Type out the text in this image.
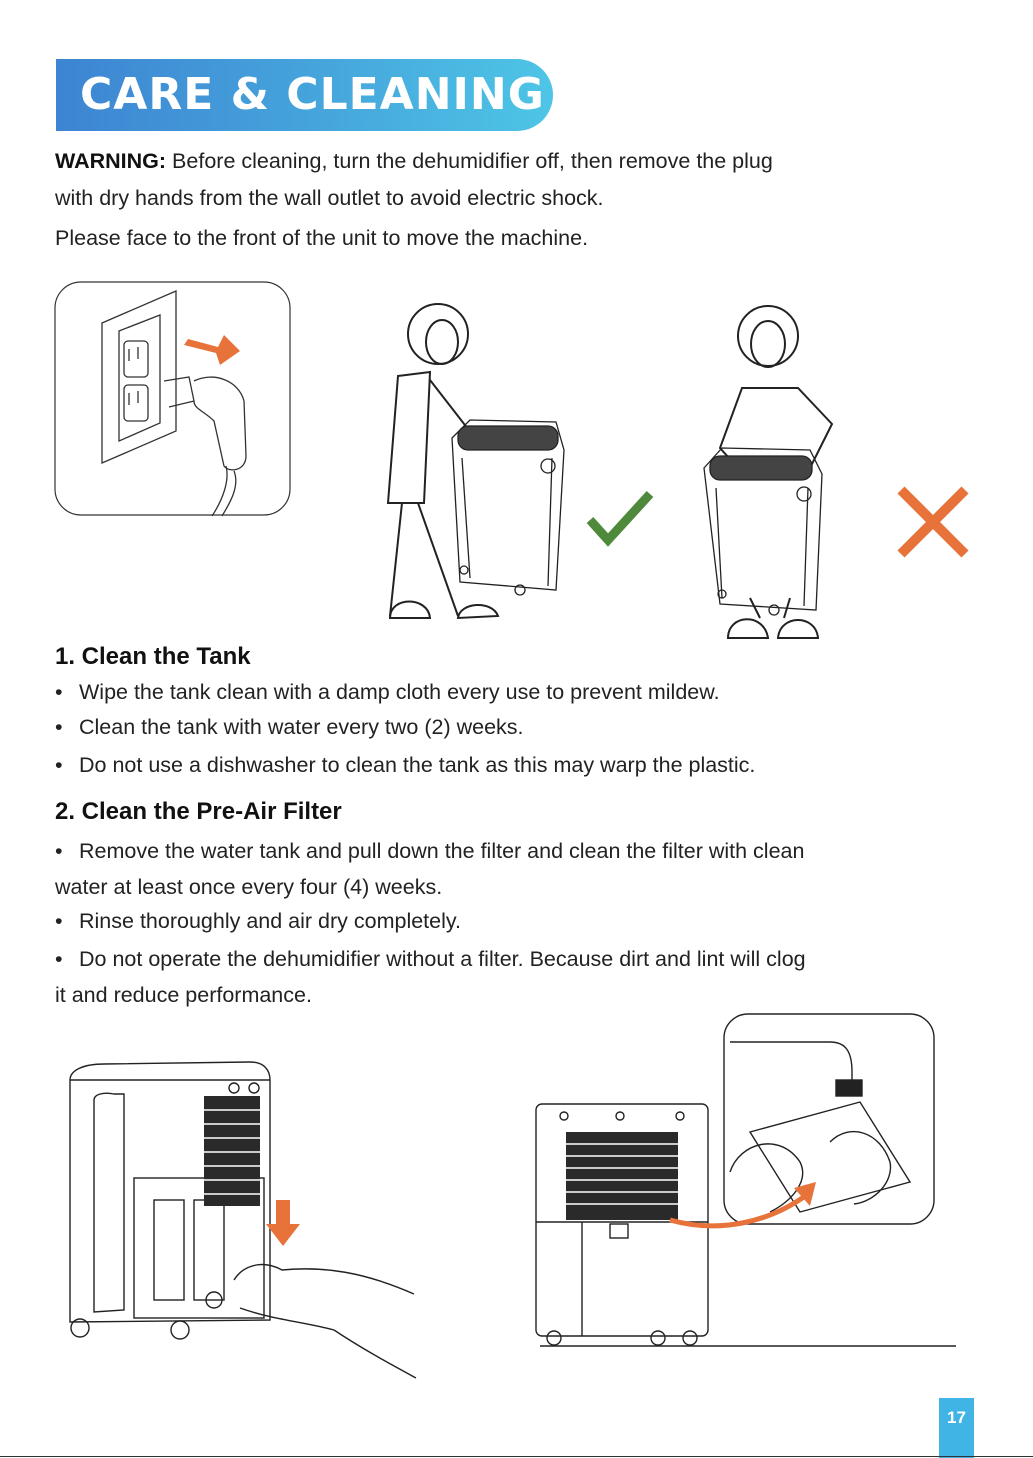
CARE & CLEANING
WARNING: Before cleaning, turn the dehumidifier off, then remove the plug
with dry hands from the wall outlet to avoid electric shock.
Please face to the front of the unit to move the machine.
1. Clean the Tank
• Wipe the tank clean with a damp cloth every use to prevent mildew.
• Clean the tank with water every two (2) weeks.
• Do not use a dishwasher to clean the tank as this may warp the plastic.
2. Clean the Pre-Air Filter
• Remove the water tank and pull down the filter and clean the filter with clean
water at least once every four (4) weeks.
• Rinse thoroughly and air dry completely.
• Do not operate the dehumidifier without a filter. Because dirt and lint will clog
it and reduce performance.
17
